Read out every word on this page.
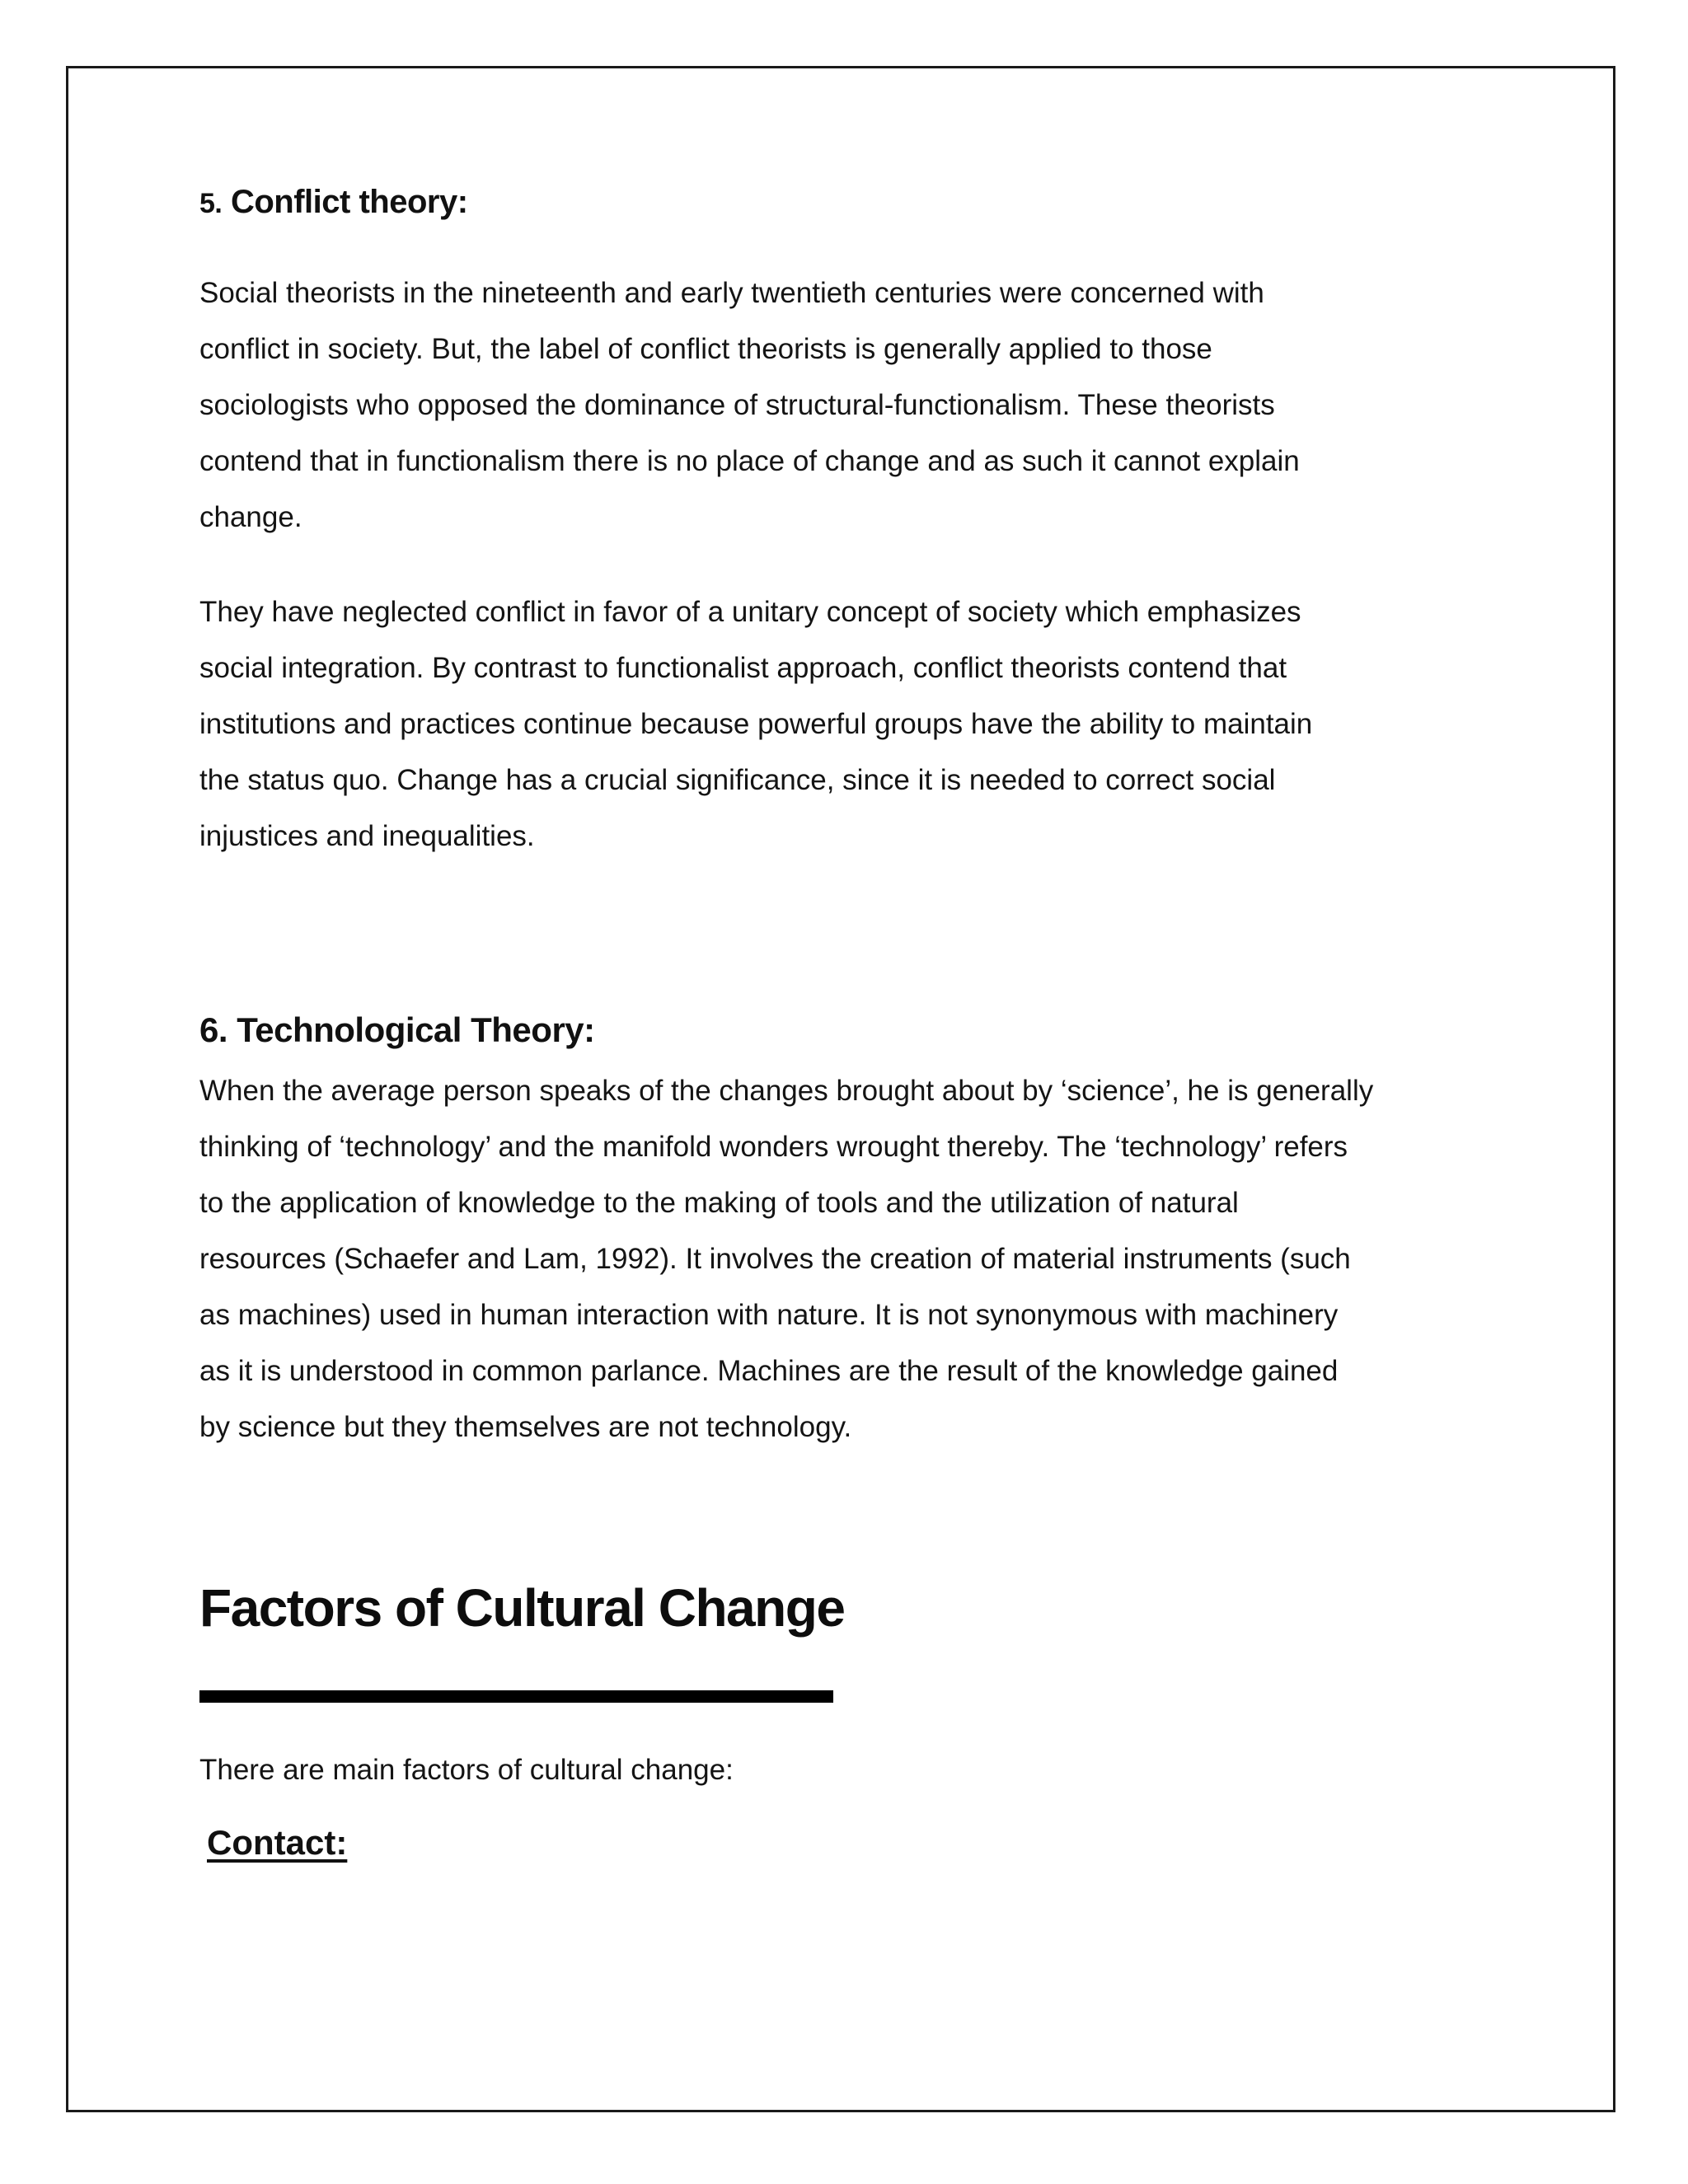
5. Conflict theory:

Social theorists in the nineteenth and early twentieth centuries were concerned with

conflict in society. But, the label of conflict theorists is generally applied to those

sociologists who opposed the dominance of structural-functionalism. These theorists

contend that in functionalism there is no place of change and as such it cannot explain

change.

They have neglected conflict in favor of a unitary concept of society which emphasizes

social integration. By contrast to functionalist approach, conflict theorists contend that

institutions and practices continue because powerful groups have the ability to maintain

the status quo. Change has a crucial significance, since it is needed to correct social

injustices and inequalities.

6. Technological Theory:

When the average person speaks of the changes brought about by ‘science’, he is generally

thinking of ‘technology’ and the manifold wonders wrought thereby. The ‘technology’ refers

to the application of knowledge to the making of tools and the utilization of natural

resources (Schaefer and Lam, 1992). It involves the creation of material instruments (such

as machines) used in human interaction with nature. It is not synonymous with machinery

as it is understood in common parlance. Machines are the result of the knowledge gained

by science but they themselves are not technology.

Factors of Cultural Change

There are main factors of cultural change:

Contact:
